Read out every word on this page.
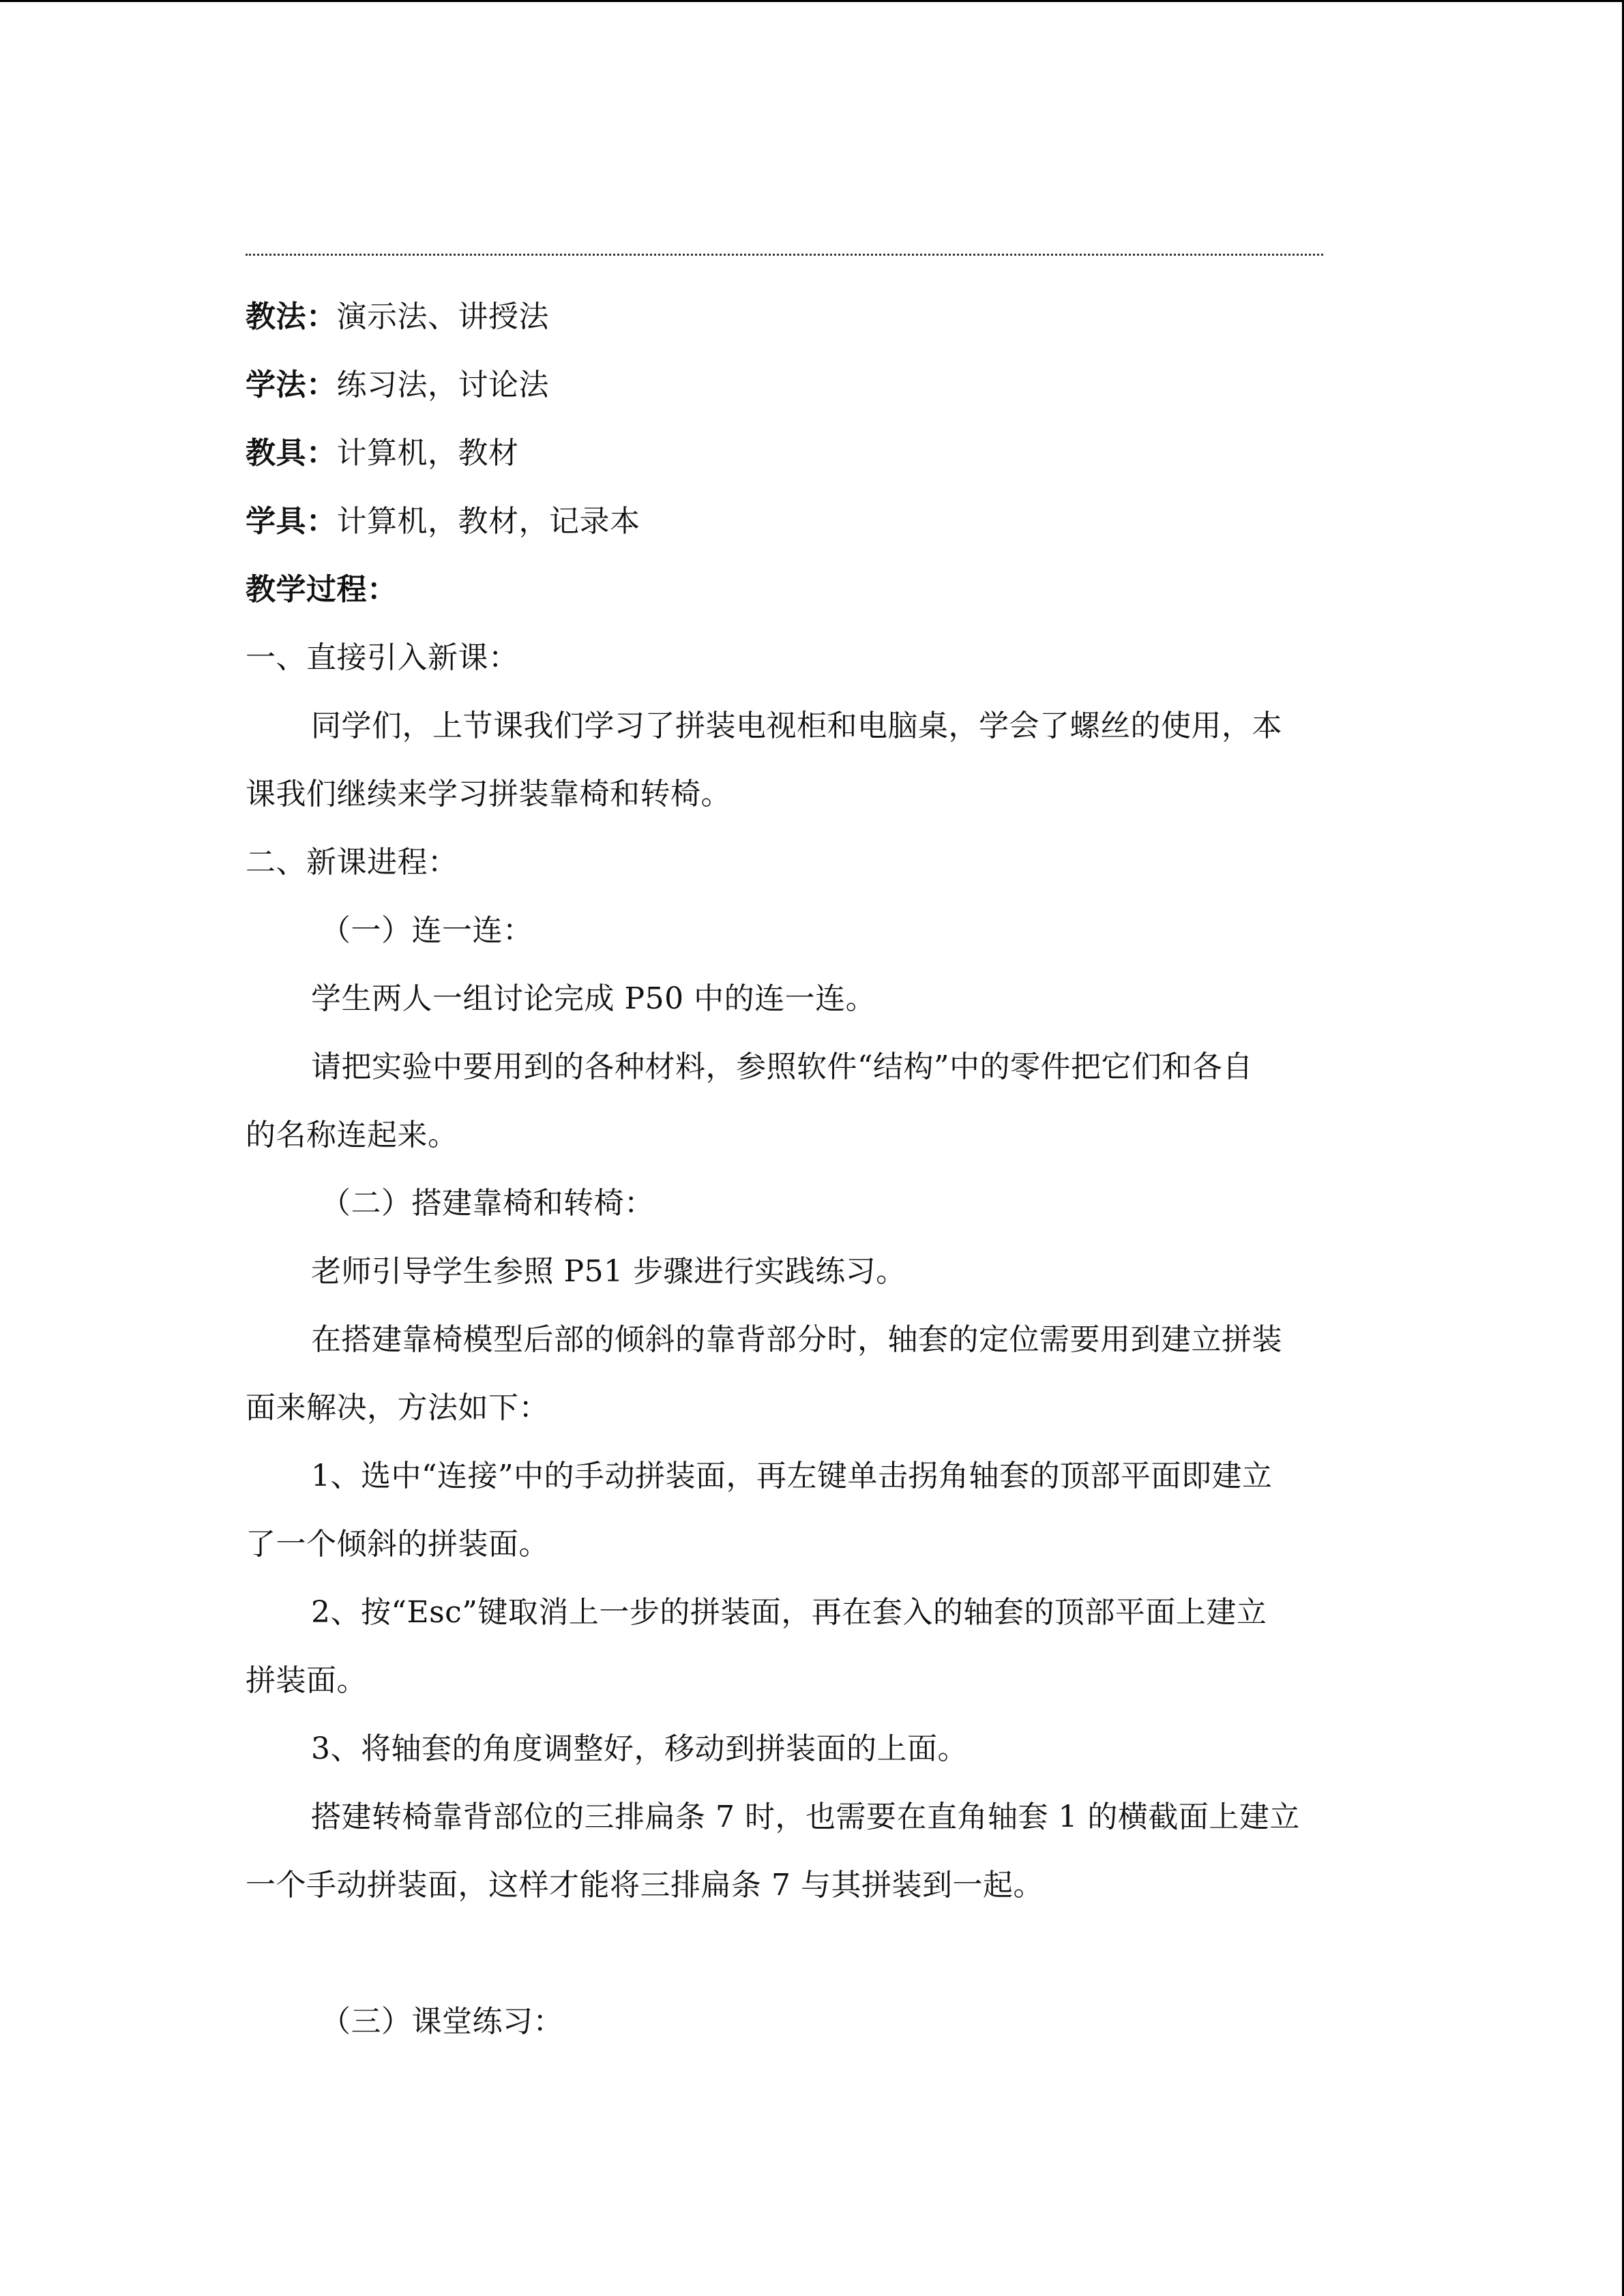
教法：演示法、讲授法
学法：练习法，讨论法
教具：计算机，教材
学具：计算机，教材，记录本
教学过程：
一、直接引入新课：
同学们，上节课我们学习了拼装电视柜和电脑桌，学会了螺丝的使用，本
课我们继续来学习拼装靠椅和转椅。
二、新课进程：
（一）连一连：
学生两人一组讨论完成 P50 中的连一连。
请把实验中要用到的各种材料，参照软件“结构”中的零件把它们和各自
的名称连起来。
（二）搭建靠椅和转椅：
老师引导学生参照 P51 步骤进行实践练习。
在搭建靠椅模型后部的倾斜的靠背部分时，轴套的定位需要用到建立拼装
面来解决，方法如下：
1、选中“连接”中的手动拼装面，再左键单击拐角轴套的顶部平面即建立
了一个倾斜的拼装面。
2、按“Esc”键取消上一步的拼装面，再在套入的轴套的顶部平面上建立
拼装面。
3、将轴套的角度调整好，移动到拼装面的上面。
搭建转椅靠背部位的三排扁条 7 时，也需要在直角轴套 1 的横截面上建立
一个手动拼装面，这样才能将三排扁条 7 与其拼装到一起。
（三）课堂练习：
